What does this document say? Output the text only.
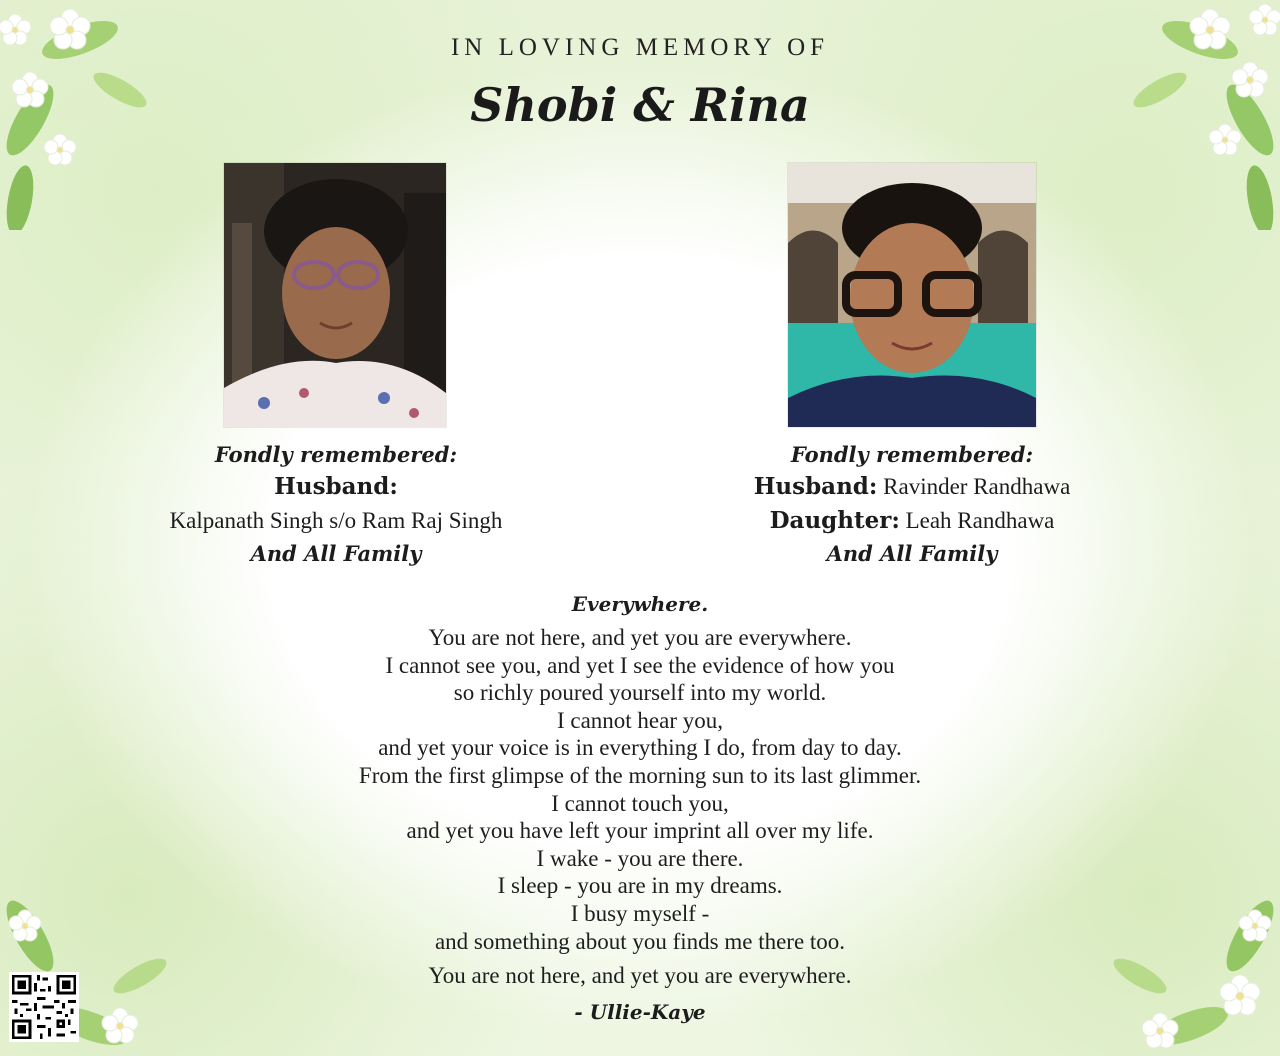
IN LOVING MEMORY OF
Shobi & Rina
Fondly remembered:
Husband:
Kalpanath Singh s/o Ram Raj Singh
And All Family
Fondly remembered:
Husband: Ravinder Randhawa
Daughter: Leah Randhawa
And All Family
Everywhere.
You are not here, and yet you are everywhere.
I cannot see you, and yet I see the evidence of how you
so richly poured yourself into my world.
I cannot hear you,
and yet your voice is in everything I do, from day to day.
From the first glimpse of the morning sun to its last glimmer.
I cannot touch you,
and yet you have left your imprint all over my life.
I wake - you are there.
I sleep - you are in my dreams.
I busy myself -
and something about you finds me there too.
You are not here, and yet you are everywhere.
- Ullie-Kaye
